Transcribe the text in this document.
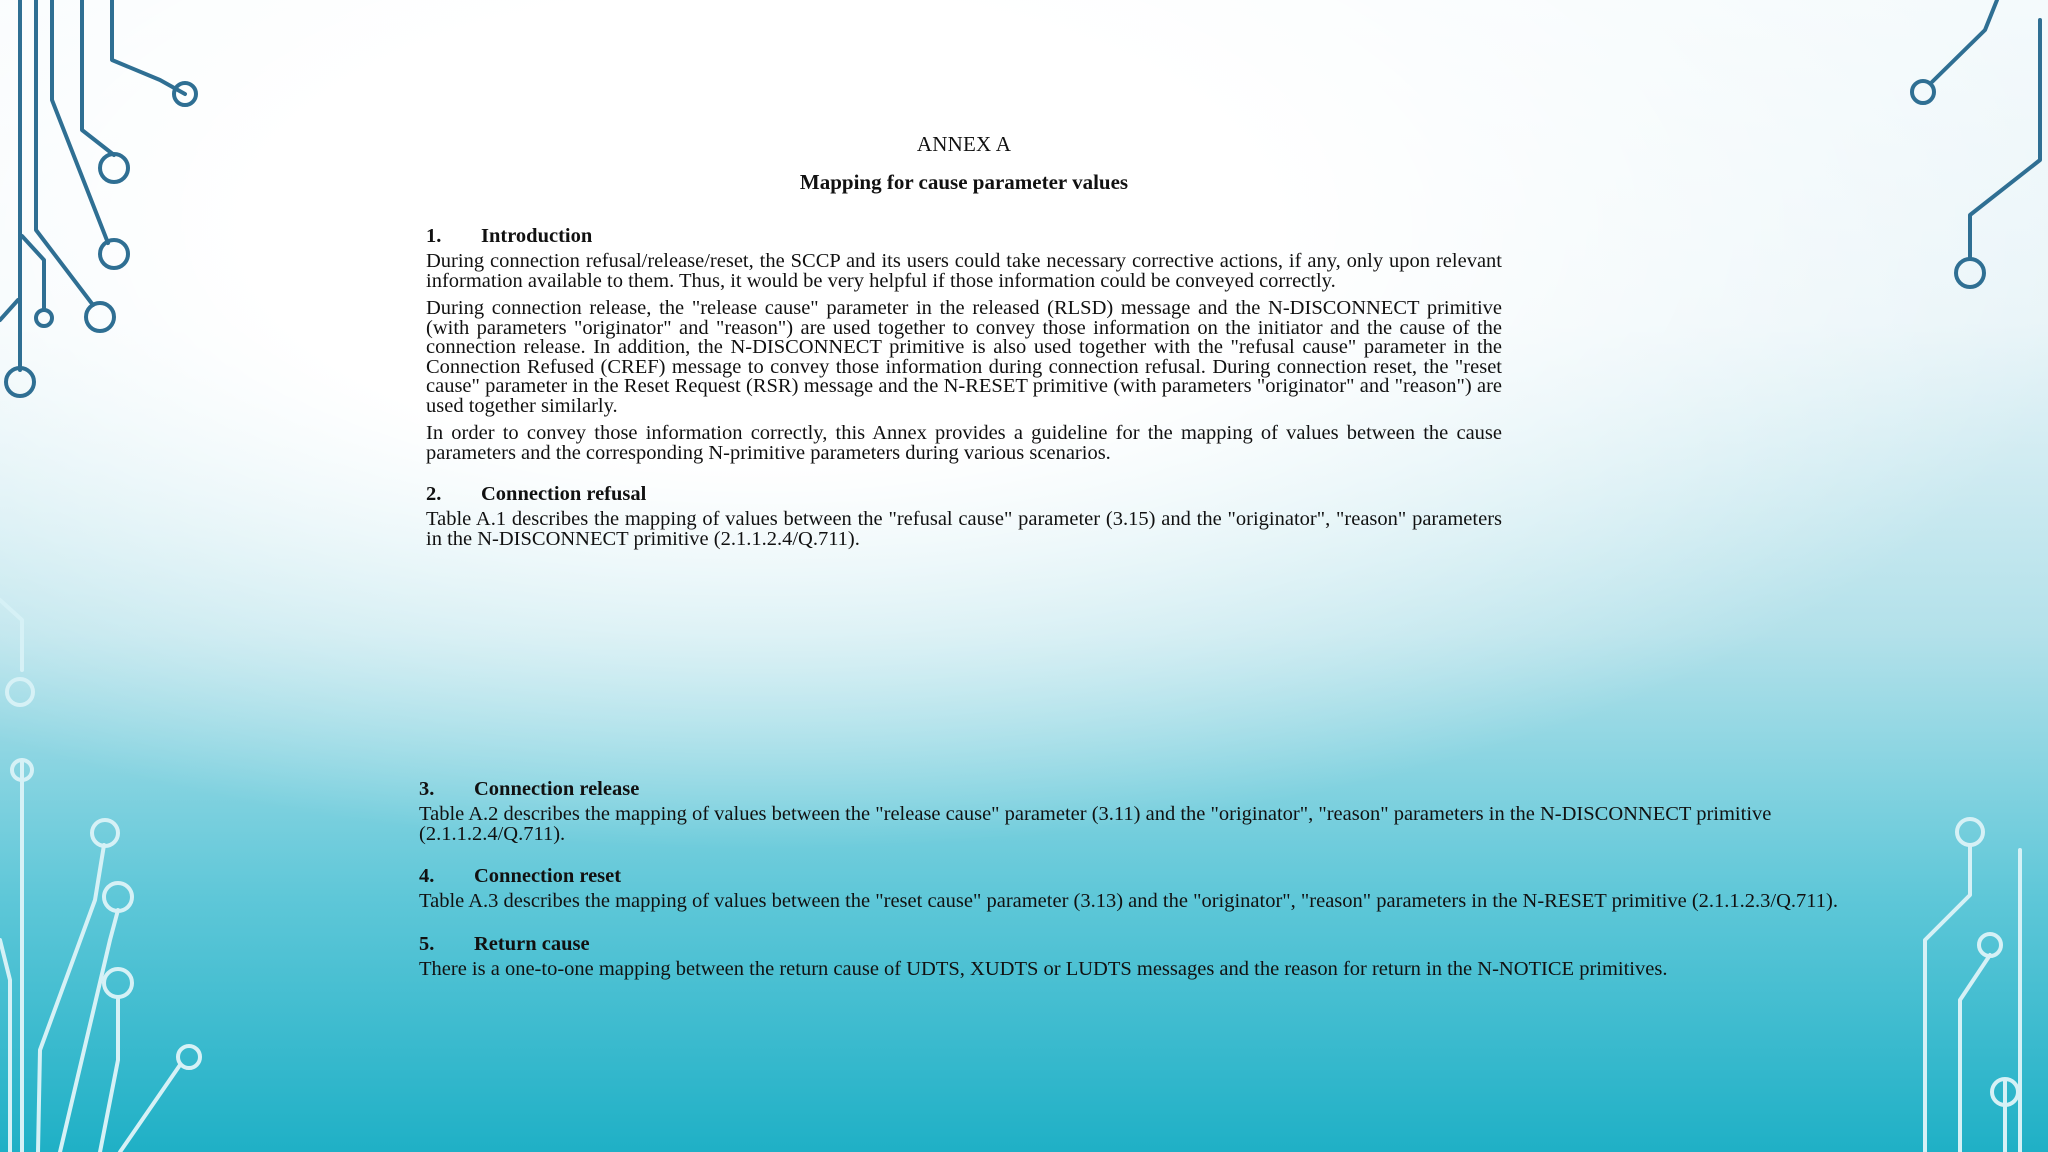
ANNEX A
Mapping for cause parameter values
1.	Introduction

During connection refusal/release/reset, the SCCP and its users could take necessary corrective actions, if any, only upon relevant information available to them. Thus, it would be very helpful if those information could be conveyed correctly.

During connection release, the "release cause" parameter in the released (RLSD) message and the N-DISCONNECT primitive (with parameters "originator" and "reason") are used together to convey those information on the initiator and the cause of the connection release. In addition, the N-DISCONNECT primitive is also used together with the "refusal cause" parameter in the Connection Refused (CREF) message to convey those information during connection refusal. During connection reset, the "reset cause" parameter in the Reset Request (RSR) message and the N-RESET primitive (with parameters "originator" and "reason") are used together similarly.

In order to convey those information correctly, this Annex provides a guideline for the mapping of values between the cause parameters and the corresponding N-primitive parameters during various scenarios.

2.	Connection refusal

Table A.1 describes the mapping of values between the "refusal cause" parameter (3.15) and the "originator", "reason" parameters in the N-DISCONNECT primitive (2.1.1.2.4/Q.711).

3.	Connection release

Table A.2 describes the mapping of values between the "release cause" parameter (3.11) and the "originator", "reason" parameters in the N-DISCONNECT primitive (2.1.1.2.4/Q.711).

4.	Connection reset

Table A.3 describes the mapping of values between the "reset cause" parameter (3.13) and the "originator", "reason" parameters in the N-RESET primitive (2.1.1.2.3/Q.711).

5.	Return cause

There is a one-to-one mapping between the return cause of UDTS, XUDTS or LUDTS messages and the reason for return in the N-NOTICE primitives.
